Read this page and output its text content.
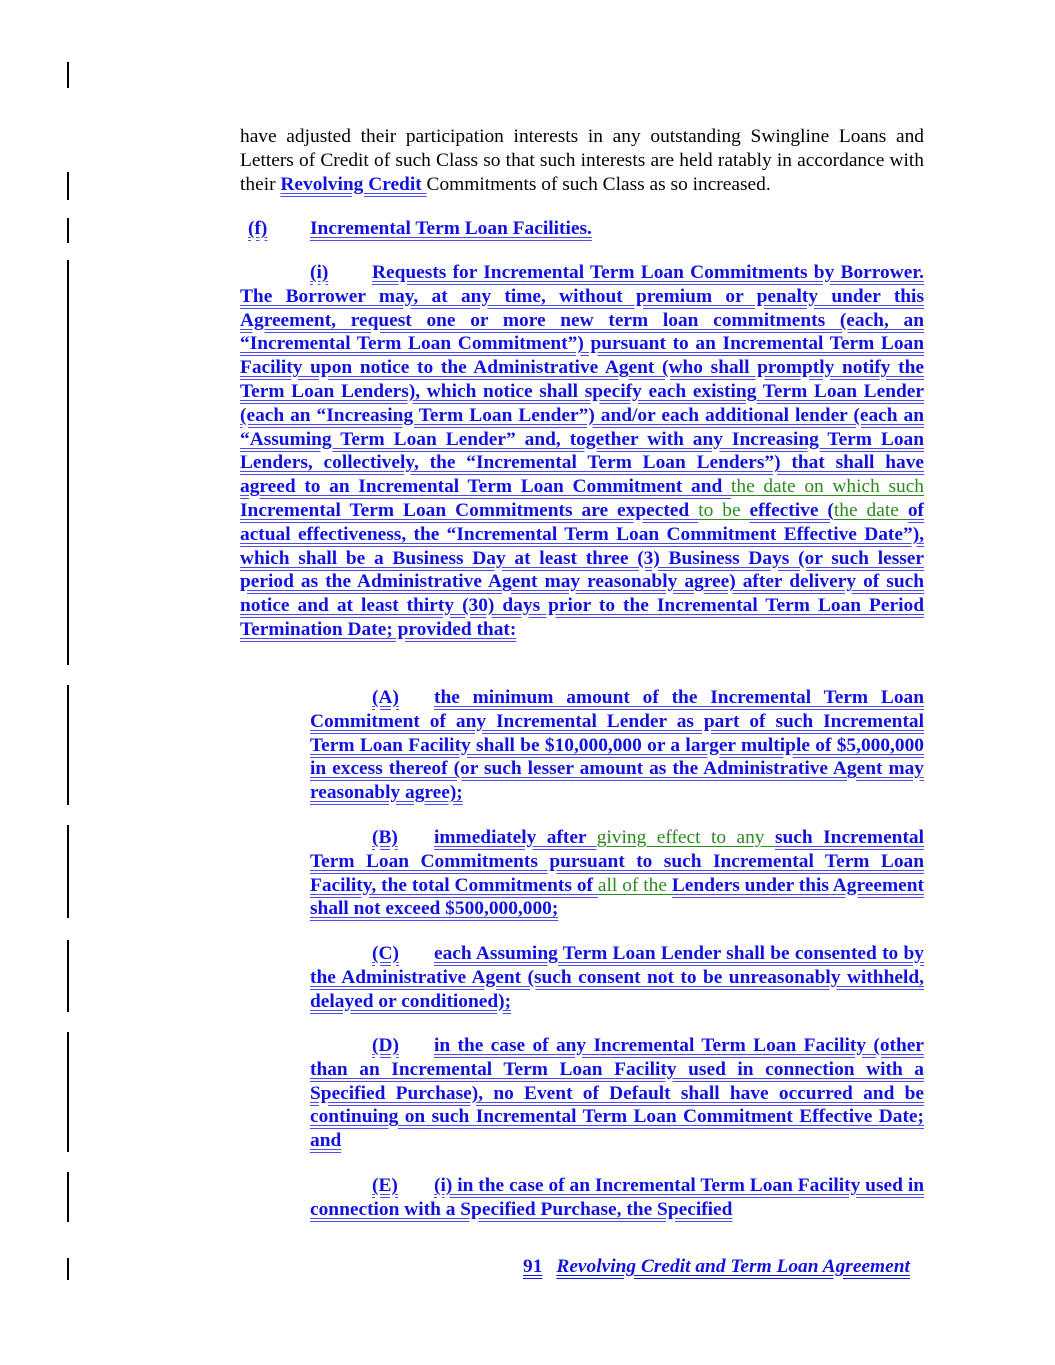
have adjusted their participation interests in any outstanding Swingline Loans and Letters of Credit of such Class so that such interests are held ratably in accordance with their Revolving Credit Commitments of such Class as so increased.
(f) Incremental Term Loan Facilities.
(i) Requests for Incremental Term Loan Commitments by Borrower. The Borrower may, at any time, without premium or penalty under this Agreement, request one or more new term loan commitments (each, an “Incremental Term Loan Commitment”) pursuant to an Incremental Term Loan Facility upon notice to the Administrative Agent (who shall promptly notify the Term Loan Lenders), which notice shall specify each existing Term Loan Lender (each an “Increasing Term Loan Lender”) and/or each additional lender (each an “Assuming Term Loan Lender” and, together with any Increasing Term Loan Lenders, collectively, the “Incremental Term Loan Lenders”) that shall have agreed to an Incremental Term Loan Commitment and the date on which such Incremental Term Loan Commitments are expected to be effective (the date of actual effectiveness, the “Incremental Term Loan Commitment Effective Date”), which shall be a Business Day at least three (3) Business Days (or such lesser period as the Administrative Agent may reasonably agree) after delivery of such notice and at least thirty (30) days prior to the Incremental Term Loan Period Termination Date; provided that:
(A) the minimum amount of the Incremental Term Loan Commitment of any Incremental Lender as part of such Incremental Term Loan Facility shall be $10,000,000 or a larger multiple of $5,000,000 in excess thereof (or such lesser amount as the Administrative Agent may reasonably agree);
(B) immediately after giving effect to any such Incremental Term Loan Commitments pursuant to such Incremental Term Loan Facility, the total Commitments of all of the Lenders under this Agreement shall not exceed $500,000,000;
(C) each Assuming Term Loan Lender shall be consented to by the Administrative Agent (such consent not to be unreasonably withheld, delayed or conditioned);
(D) in the case of any Incremental Term Loan Facility (other than an Incremental Term Loan Facility used in connection with a Specified Purchase), no Event of Default shall have occurred and be continuing on such Incremental Term Loan Commitment Effective Date; and
(E) (i) in the case of an Incremental Term Loan Facility used in connection with a Specified Purchase, the Specified
91 Revolving Credit and Term Loan Agreement
